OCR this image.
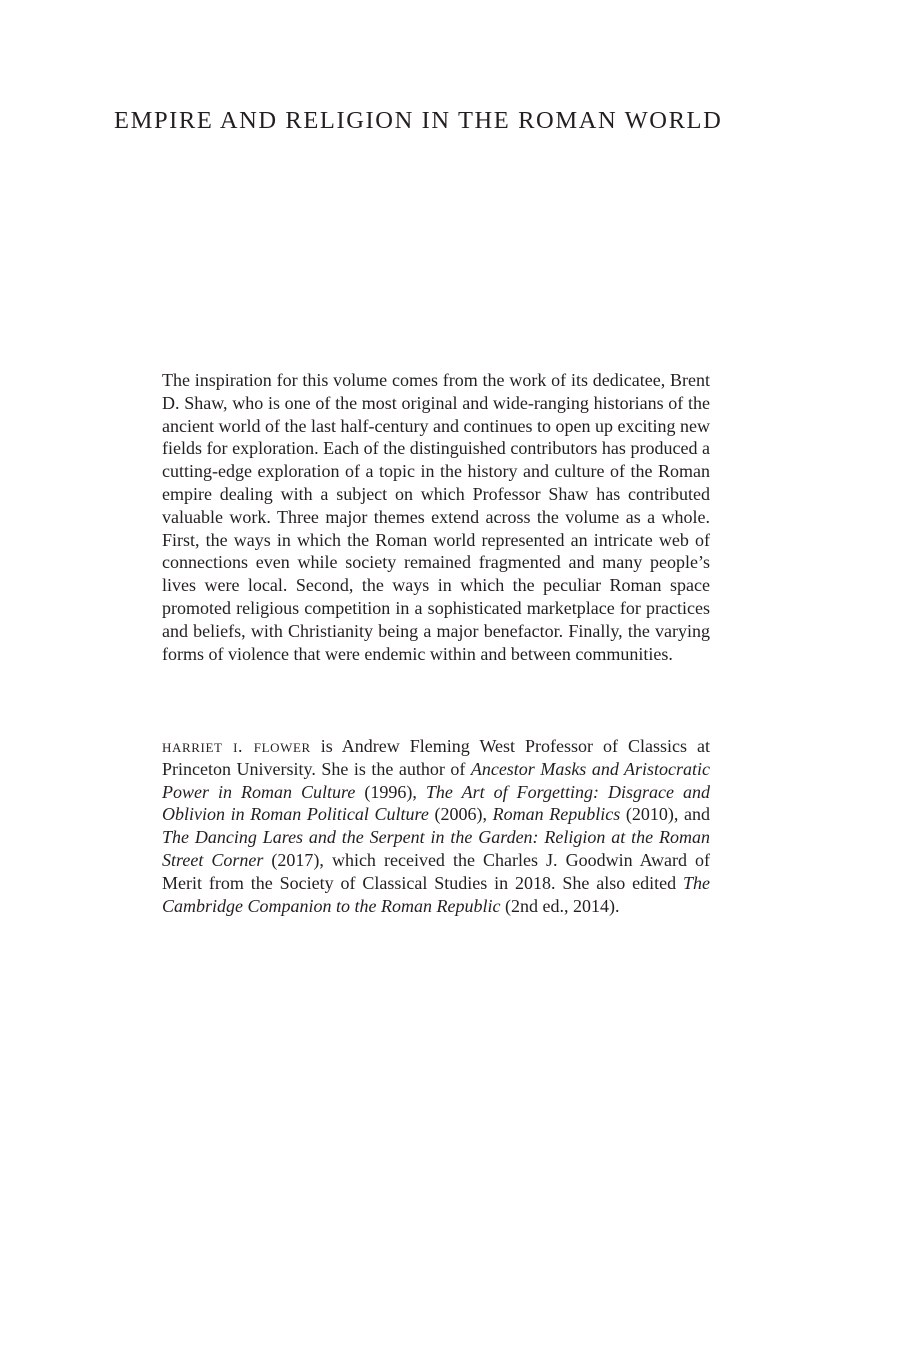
EMPIRE AND RELIGION IN THE ROMAN WORLD

The inspiration for this volume comes from the work of its dedicatee, Brent D. Shaw, who is one of the most original and wide-ranging historians of the ancient world of the last half-century and continues to open up exciting new fields for exploration. Each of the distinguished contributors has produced a cutting-edge exploration of a topic in the history and culture of the Roman empire dealing with a subject on which Professor Shaw has contributed valuable work. Three major themes extend across the volume as a whole. First, the ways in which the Roman world represented an intricate web of connections even while society remained fragmented and many people’s lives were local. Second, the ways in which the peculiar Roman space promoted religious competition in a sophisticated marketplace for practices and beliefs, with Christianity being a major benefactor. Finally, the varying forms of violence that were endemic within and between communities.

harriet i. flower is Andrew Fleming West Professor of Classics at Princeton University. She is the author of Ancestor Masks and Aristocratic Power in Roman Culture (1996), The Art of Forgetting: Disgrace and Oblivion in Roman Political Culture (2006), Roman Republics (2010), and The Dancing Lares and the Serpent in the Garden: Religion at the Roman Street Corner (2017), which received the Charles J. Goodwin Award of Merit from the Society of Classical Studies in 2018. She also edited The Cambridge Companion to the Roman Republic (2nd ed., 2014).
